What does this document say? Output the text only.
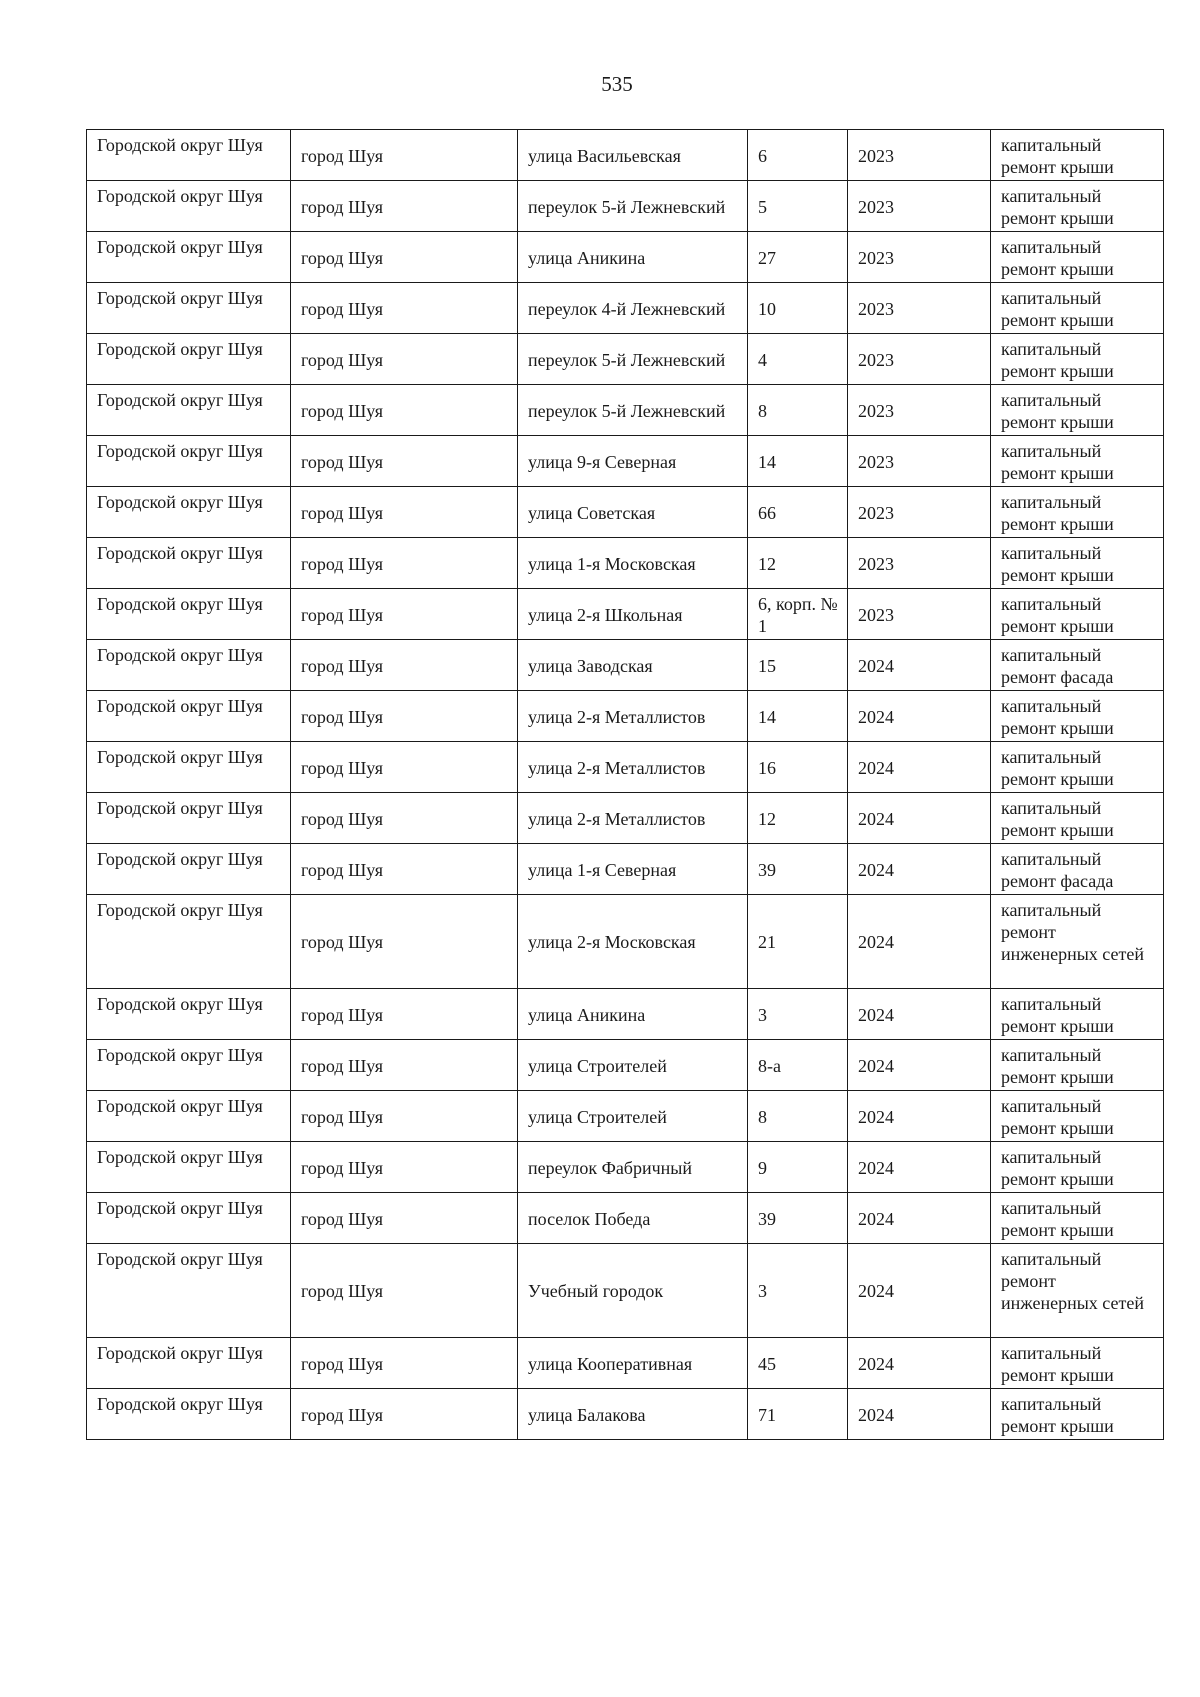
535
Городской округ Шуя	город Шуя	улица Васильевская	6	2023	капитальный ремонт крыши
Городской округ Шуя	город Шуя	переулок 5-й Лежневский	5	2023	капитальный ремонт крыши
Городской округ Шуя	город Шуя	улица Аникина	27	2023	капитальный ремонт крыши
Городской округ Шуя	город Шуя	переулок 4-й Лежневский	10	2023	капитальный ремонт крыши
Городской округ Шуя	город Шуя	переулок 5-й Лежневский	4	2023	капитальный ремонт крыши
Городской округ Шуя	город Шуя	переулок 5-й Лежневский	8	2023	капитальный ремонт крыши
Городской округ Шуя	город Шуя	улица 9-я Северная	14	2023	капитальный ремонт крыши
Городской округ Шуя	город Шуя	улица Советская	66	2023	капитальный ремонт крыши
Городской округ Шуя	город Шуя	улица 1-я Московская	12	2023	капитальный ремонт крыши
Городской округ Шуя	город Шуя	улица 2-я Школьная	6, корп. № 1	2023	капитальный ремонт крыши
Городской округ Шуя	город Шуя	улица Заводская	15	2024	капитальный ремонт фасада
Городской округ Шуя	город Шуя	улица 2-я Металлистов	14	2024	капитальный ремонт крыши
Городской округ Шуя	город Шуя	улица 2-я Металлистов	16	2024	капитальный ремонт крыши
Городской округ Шуя	город Шуя	улица 2-я Металлистов	12	2024	капитальный ремонт крыши
Городской округ Шуя	город Шуя	улица 1-я Северная	39	2024	капитальный ремонт фасада
Городской округ Шуя	город Шуя	улица 2-я Московская	21	2024	капитальный ремонт инженерных сетей
Городской округ Шуя	город Шуя	улица Аникина	3	2024	капитальный ремонт крыши
Городской округ Шуя	город Шуя	улица Строителей	8-а	2024	капитальный ремонт крыши
Городской округ Шуя	город Шуя	улица Строителей	8	2024	капитальный ремонт крыши
Городской округ Шуя	город Шуя	переулок Фабричный	9	2024	капитальный ремонт крыши
Городской округ Шуя	город Шуя	поселок Победа	39	2024	капитальный ремонт крыши
Городской округ Шуя	город Шуя	Учебный городок	3	2024	капитальный ремонт инженерных сетей
Городской округ Шуя	город Шуя	улица Кооперативная	45	2024	капитальный ремонт крыши
Городской округ Шуя	город Шуя	улица Балакова	71	2024	капитальный ремонт крыши
